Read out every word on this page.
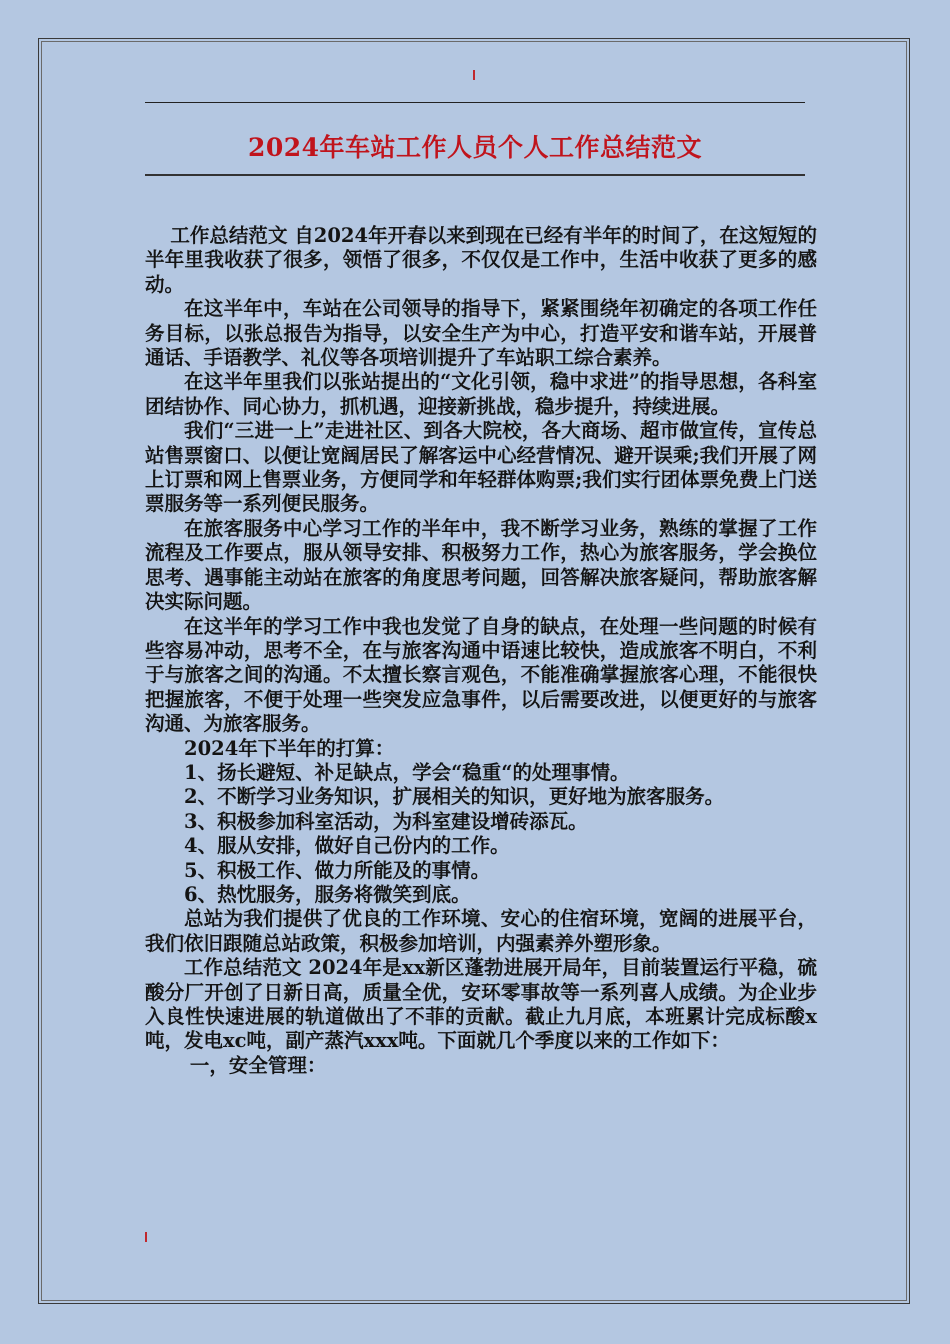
2024年车站工作人员个人工作总结范文

工作总结范文 自2024年开春以来到现在已经有半年的时间了，在这短短的半年里我收获了很多，领悟了很多，不仅仅是工作中，生活中收获了更多的感动。

在这半年中，车站在公司领导的指导下，紧紧围绕年初确定的各项工作任务目标，以张总报告为指导，以安全生产为中心，打造平安和谐车站，开展普通话、手语教学、礼仪等各项培训提升了车站职工综合素养。

在这半年里我们以张站提出的“文化引领，稳中求进”的指导思想，各科室团结协作、同心协力，抓机遇，迎接新挑战，稳步提升，持续进展。

我们“三进一上”走进社区、到各大院校，各大商场、超市做宣传，宣传总站售票窗口、以便让宽阔居民了解客运中心经营情况、避开误乘;我们开展了网上订票和网上售票业务，方便同学和年轻群体购票;我们实行团体票免费上门送票服务等一系列便民服务。

在旅客服务中心学习工作的半年中，我不断学习业务，熟练的掌握了工作流程及工作要点，服从领导安排、积极努力工作，热心为旅客服务，学会换位思考、遇事能主动站在旅客的角度思考问题，回答解决旅客疑问，帮助旅客解决实际问题。

在这半年的学习工作中我也发觉了自身的缺点，在处理一些问题的时候有些容易冲动，思考不全，在与旅客沟通中语速比较快，造成旅客不明白，不利于与旅客之间的沟通。不太擅长察言观色，不能准确掌握旅客心理，不能很快把握旅客，不便于处理一些突发应急事件，以后需要改进，以便更好的与旅客沟通、为旅客服务。

2024年下半年的打算：

1、扬长避短、补足缺点，学会“稳重“的处理事情。

2、不断学习业务知识，扩展相关的知识，更好地为旅客服务。

3、积极参加科室活动，为科室建设增砖添瓦。

4、服从安排，做好自己份内的工作。

5、积极工作、做力所能及的事情。

6、热忱服务，服务将微笑到底。

总站为我们提供了优良的工作环境、安心的住宿环境，宽阔的进展平台，我们依旧跟随总站政策，积极参加培训，内强素养外塑形象。

工作总结范文 2024年是xx新区蓬勃进展开局年，目前装置运行平稳，硫酸分厂开创了日新日高，质量全优，安环零事故等一系列喜人成绩。为企业步入良性快速进展的轨道做出了不菲的贡献。截止九月底，本班累计完成标酸x吨，发电xc吨，副产蒸汽xxx吨。下面就几个季度以来的工作如下：

一，安全管理：
